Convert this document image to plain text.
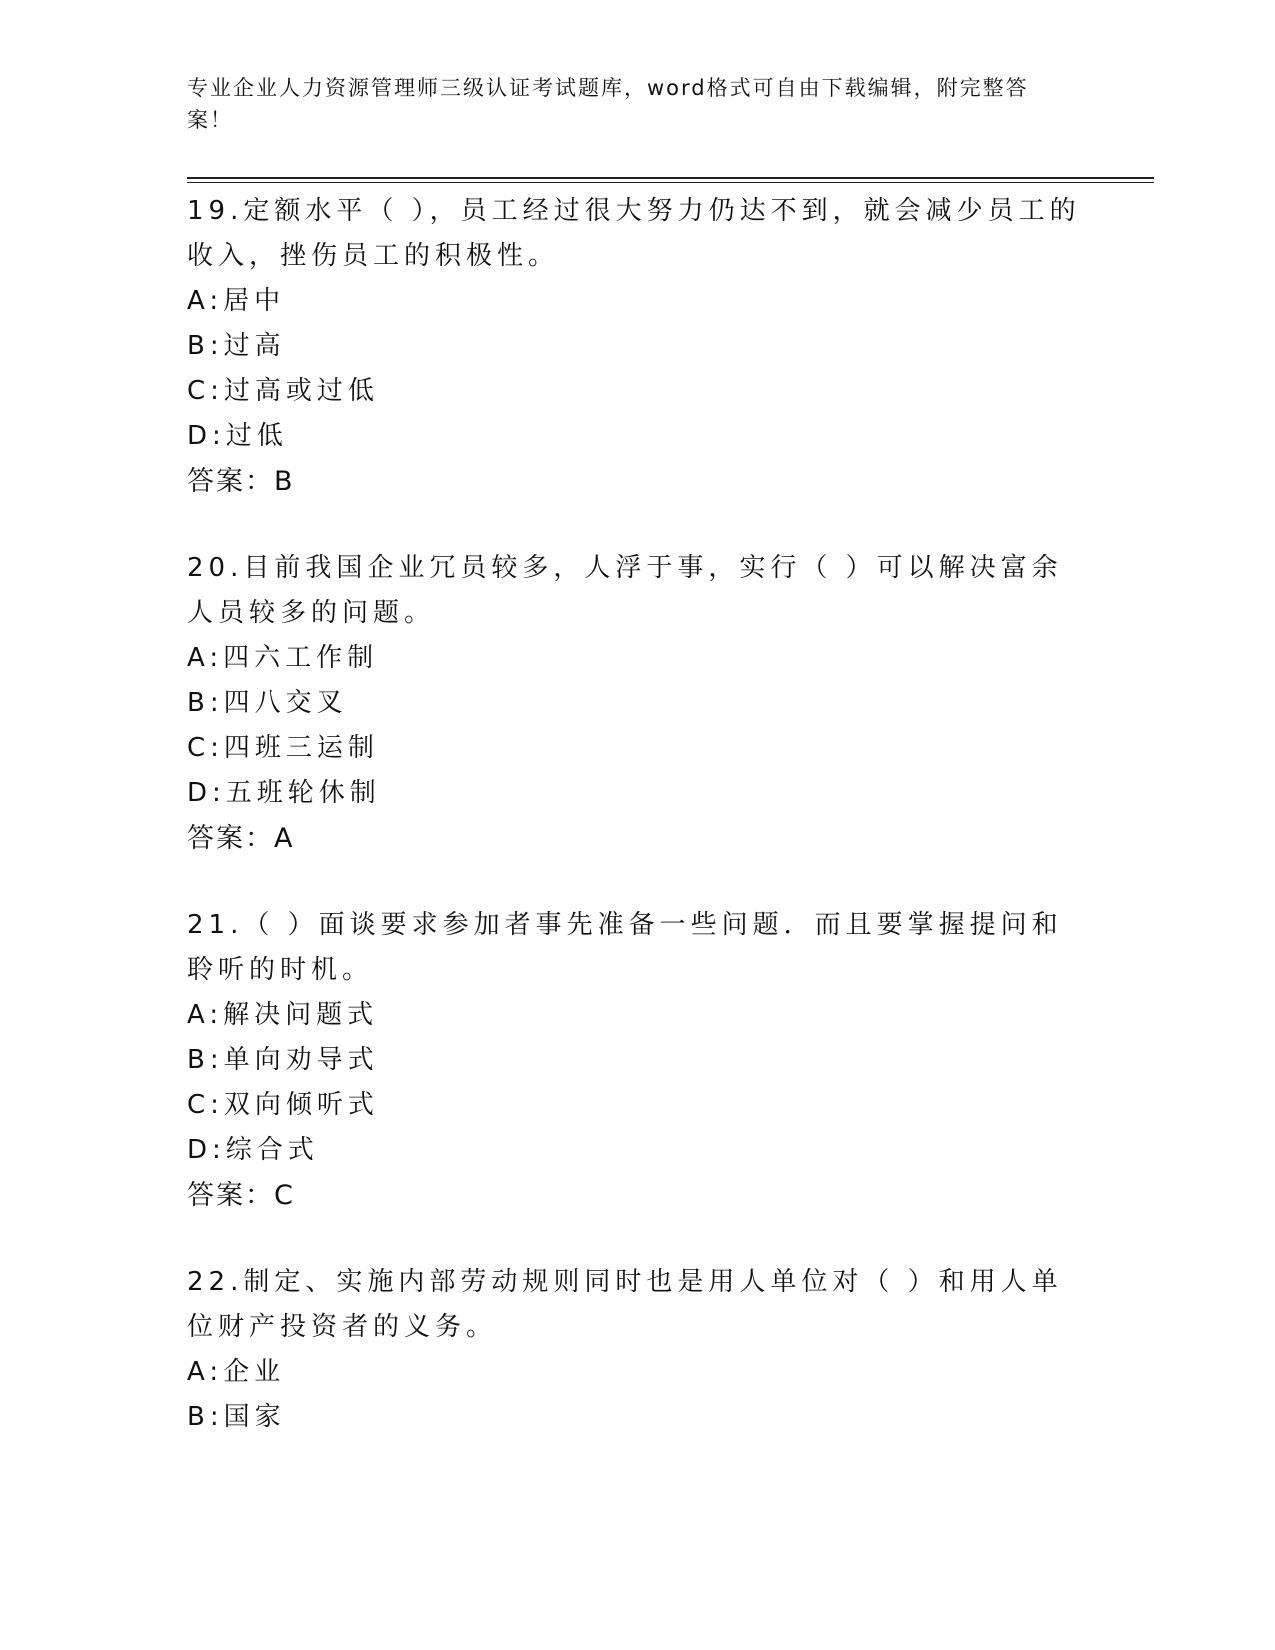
专业企业人力资源管理师三级认证考试题库，word格式可自由下载编辑，附完整答案！
19.定额水平（ ），员工经过很大努力仍达不到，就会减少员工的收入，挫伤员工的积极性。
A: 居中
B: 过高
C: 过高或过低
D: 过低
答案：B
20.目前我国企业冗员较多，人浮于事，实行（ ）可以解决富余人员较多的问题。
A: 四六工作制
B: 四八交叉
C: 四班三运制
D: 五班轮休制
答案：A
21.（ ）面谈要求参加者事先准备一些问题．而且要掌握提问和聆听的时机。
A: 解决问题式
B: 单向劝导式
C: 双向倾听式
D: 综合式
答案：C
22.制定、实施内部劳动规则同时也是用人单位对（ ）和用人单位财产投资者的义务。
A: 企业
B: 国家
